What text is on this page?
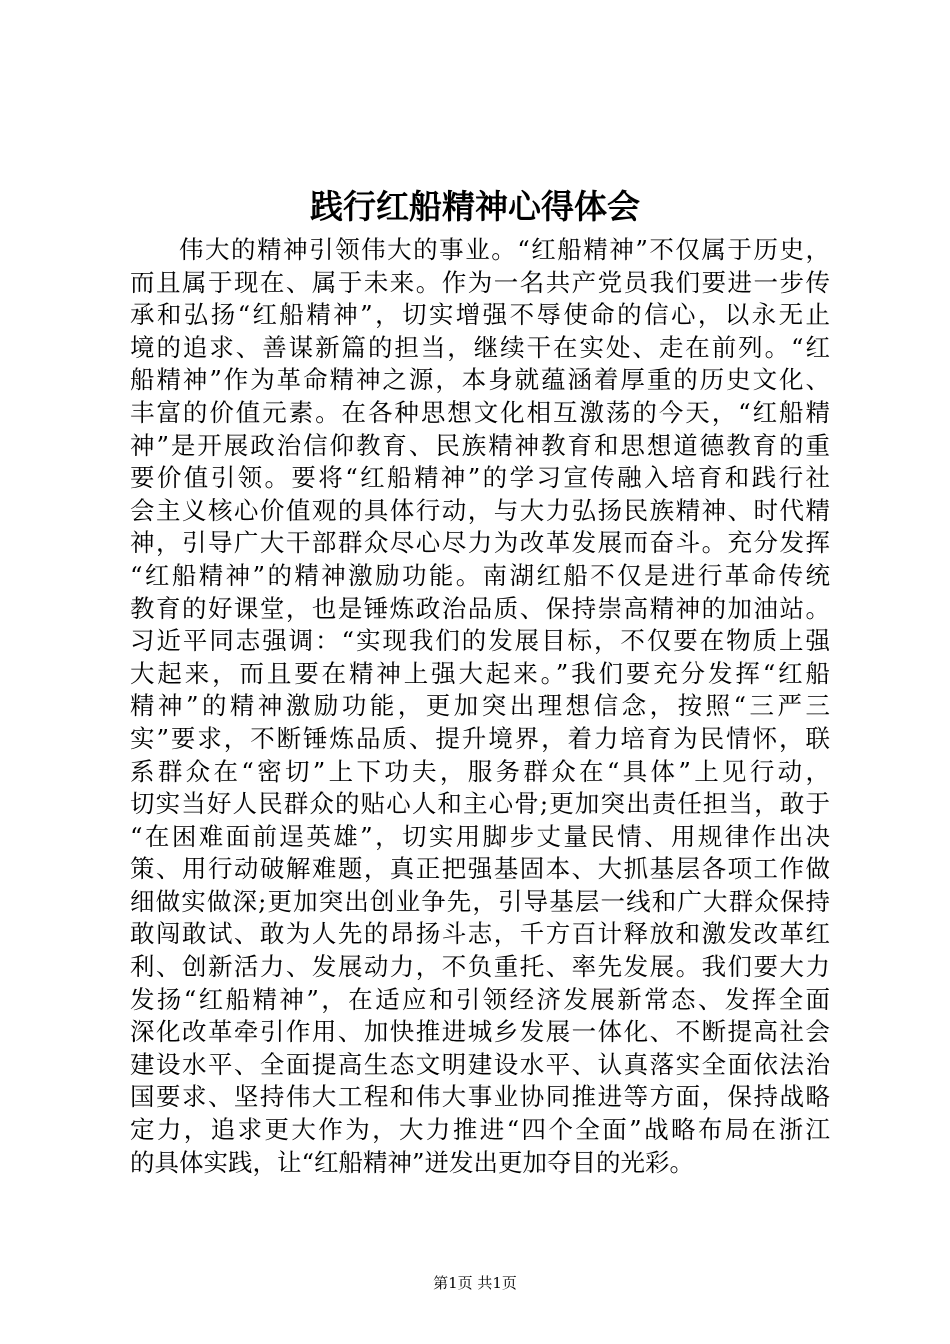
践行红船精神心得体会
伟大的精神引领伟大的事业。“红船精神”不仅属于历史，
而且属于现在、属于未来。作为一名共产党员我们要进一步传
承和弘扬“红船精神”，切实增强不辱使命的信心，以永无止
境的追求、善谋新篇的担当，继续干在实处、走在前列。“红
船精神”作为革命精神之源，本身就蕴涵着厚重的历史文化、
丰富的价值元素。在各种思想文化相互激荡的今天，“红船精
神”是开展政治信仰教育、民族精神教育和思想道德教育的重
要价值引领。要将“红船精神”的学习宣传融入培育和践行社
会主义核心价值观的具体行动，与大力弘扬民族精神、时代精
神，引导广大干部群众尽心尽力为改革发展而奋斗。充分发挥
“红船精神”的精神激励功能。南湖红船不仅是进行革命传统
教育的好课堂，也是锤炼政治品质、保持崇高精神的加油站。
习近平同志强调：“实现我们的发展目标，不仅要在物质上强
大起来，而且要在精神上强大起来。”我们要充分发挥“红船
精神”的精神激励功能，更加突出理想信念，按照“三严三
实”要求，不断锤炼品质、提升境界，着力培育为民情怀，联
系群众在“密切”上下功夫，服务群众在“具体”上见行动，
切实当好人民群众的贴心人和主心骨;更加突出责任担当，敢于
“在困难面前逞英雄”，切实用脚步丈量民情、用规律作出决
策、用行动破解难题，真正把强基固本、大抓基层各项工作做
细做实做深;更加突出创业争先，引导基层一线和广大群众保持
敢闯敢试、敢为人先的昂扬斗志，千方百计释放和激发改革红
利、创新活力、发展动力，不负重托、率先发展。我们要大力
发扬“红船精神”，在适应和引领经济发展新常态、发挥全面
深化改革牵引作用、加快推进城乡发展一体化、不断提高社会
建设水平、全面提高生态文明建设水平、认真落实全面依法治
国要求、坚持伟大工程和伟大事业协同推进等方面，保持战略
定力，追求更大作为，大力推进“四个全面”战略布局在浙江
的具体实践，让“红船精神”迸发出更加夺目的光彩。
第1页 共1页
